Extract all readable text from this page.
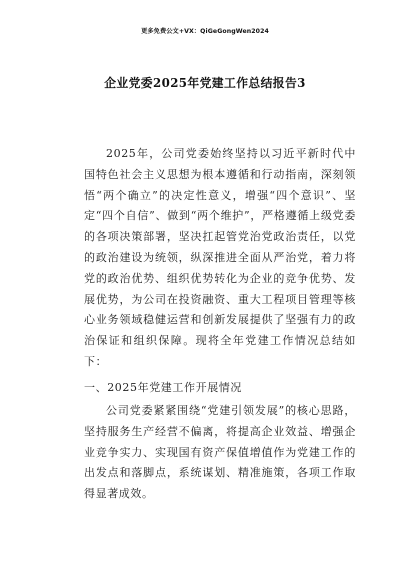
更多免费公文+VX：QiGeGongWen2024
企业党委2025年党建工作总结报告3

2025年，公司党委始终坚持以习近平新时代中国特色社会主义思想为根本遵循和行动指南，深刻领悟“两个确立”的决定性意义，增强“四个意识”、坚定“四个自信”、做到“两个维护”，严格遵循上级党委的各项决策部署，坚决扛起管党治党政治责任，以党的政治建设为统领，纵深推进全面从严治党，着力将党的政治优势、组织优势转化为企业的竞争优势、发展优势，为公司在投资融资、重大工程项目管理等核心业务领域稳健运营和创新发展提供了坚强有力的政治保证和组织保障。现将全年党建工作情况总结如下：

一、2025年党建工作开展情况

公司党委紧紧围绕“党建引领发展”的核心思路，坚持服务生产经营不偏离，将提高企业效益、增强企业竞争实力、实现国有资产保值增值作为党建工作的出发点和落脚点，系统谋划、精准施策，各项工作取得显著成效。
